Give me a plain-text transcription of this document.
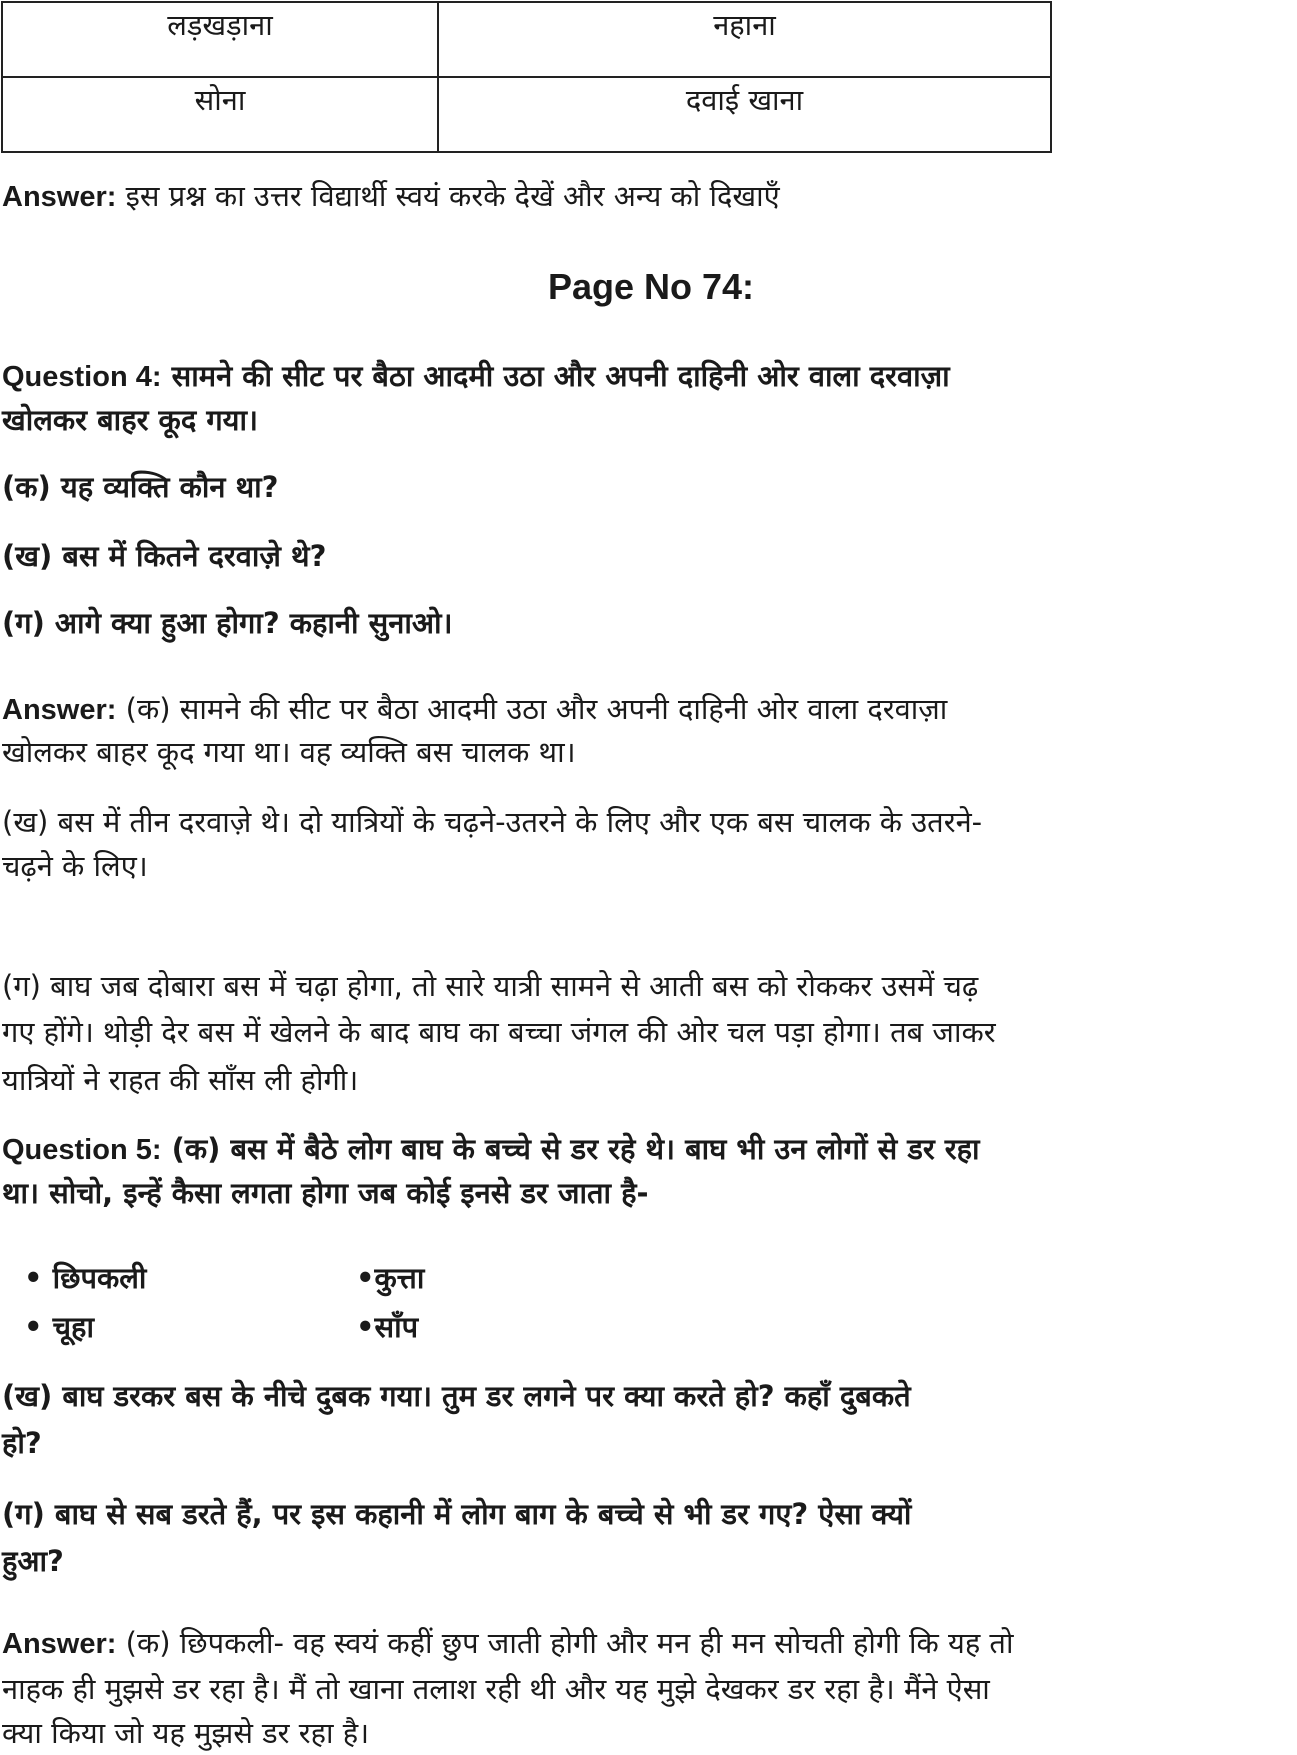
लड़खड़ाना	नहाना
सोना	दवाई खाना
Answer: इस प्रश्न का उत्तर विद्यार्थी स्वयं करके देखें और अन्य को दिखाएँ
Page No 74:
Question 4: सामने की सीट पर बैठा आदमी उठा और अपनी दाहिनी ओर वाला दरवाज़ा
खोलकर बाहर कूद गया।
(क) यह व्यक्ति कौन था?
(ख) बस में कितने दरवाज़े थे?
(ग) आगे क्या हुआ होगा? कहानी सुनाओ।
Answer: (क) सामने की सीट पर बैठा आदमी उठा और अपनी दाहिनी ओर वाला दरवाज़ा
खोलकर बाहर कूद गया था। वह व्यक्ति बस चालक था।
(ख) बस में तीन दरवाज़े थे। दो यात्रियों के चढ़ने-उतरने के लिए और एक बस चालक के उतरने-
चढ़ने के लिए।
(ग) बाघ जब दोबारा बस में चढ़ा होगा, तो सारे यात्री सामने से आती बस को रोककर उसमें चढ़
गए होंगे। थोड़ी देर बस में खेलने के बाद बाघ का बच्चा जंगल की ओर चल पड़ा होगा। तब जाकर
यात्रियों ने राहत की साँस ली होगी।
Question 5: (क) बस में बैठे लोग बाघ के बच्चे से डर रहे थे। बाघ भी उन लोगों से डर रहा
था। सोचो, इन्हें कैसा लगता होगा जब कोई इनसे डर जाता है-
• छिपकली	•कुत्ता
• चूहा	•साँप
(ख) बाघ डरकर बस के नीचे दुबक गया। तुम डर लगने पर क्या करते हो? कहाँ दुबकते
हो?
(ग) बाघ से सब डरते हैं, पर इस कहानी में लोग बाग के बच्चे से भी डर गए? ऐसा क्यों
हुआ?
Answer: (क) छिपकली- वह स्वयं कहीं छुप जाती होगी और मन ही मन सोचती होगी कि यह तो
नाहक ही मुझसे डर रहा है। मैं तो खाना तलाश रही थी और यह मुझे देखकर डर रहा है। मैंने ऐसा
क्या किया जो यह मुझसे डर रहा है।
